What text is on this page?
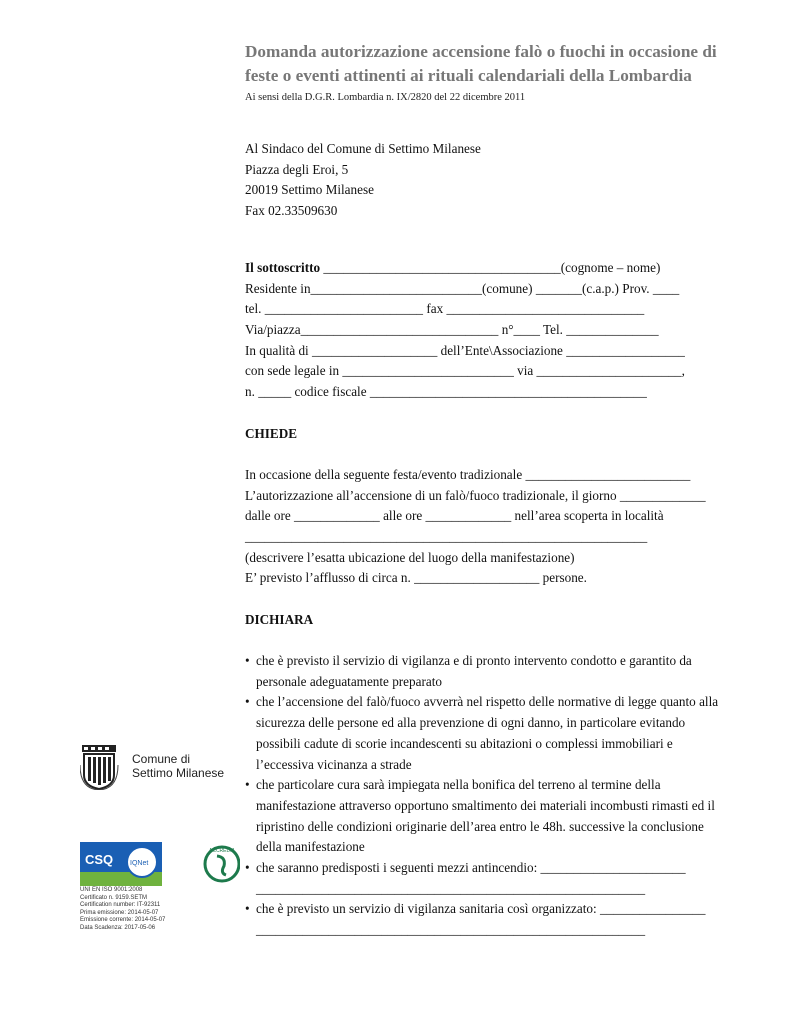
Domanda autorizzazione accensione falò o fuochi in occasione di
feste o eventi attinenti ai rituali calendariali della Lombardia
Ai sensi della D.G.R. Lombardia n. IX/2820 del 22 dicembre 2011
Al Sindaco del Comune di Settimo Milanese
Piazza degli Eroi, 5
20019 Settimo Milanese
Fax 02.33509630
Il sottoscritto ____________________________________(cognome – nome)
Residente in__________________________(comune) _______(c.a.p.) Prov. ____
tel. ________________________ fax ______________________________
Via/piazza______________________________ n°____ Tel. ______________
In qualità di ___________________ dell’Ente\Associazione __________________
con sede legale in __________________________ via ______________________,
n. _____ codice fiscale __________________________________________
CHIEDE
In occasione della seguente festa/evento tradizionale _________________________
L’autorizzazione all’accensione di un falò/fuoco tradizionale, il giorno _____________
dalle ore _____________ alle ore _____________ nell’area scoperta in località
_____________________________________________________________
(descrivere l’esatta ubicazione del luogo della manifestazione)
E’ previsto l’afflusso di circa n. ___________________ persone.
DICHIARA
• che è previsto il servizio di vigilanza e di pronto intervento condotto e garantito da
personale adeguatamente preparato
• che l’accensione del falò/fuoco avverrà nel rispetto delle normative di legge quanto alla
sicurezza delle persone ed alla prevenzione di ogni danno, in particolare evitando
possibili cadute di scorie incandescenti su abitazioni o complessi immobiliari e
l’eccessiva vicinanza a strade
• che particolare cura sarà impiegata nella bonifica del terreno al termine della
manifestazione attraverso opportuno smaltimento dei materiali incombusti rimasti ed il
ripristino delle condizioni originarie dell’area entro le 48h. successive la conclusione
della manifestazione
• che saranno predisposti i seguenti mezzi antincendio: ______________________
___________________________________________________________
• che è previsto un servizio di vigilanza sanitaria così organizzato: ________________
___________________________________________________________
Comune di
Settimo Milanese
CSQ IQNet
ACCREDIA
UNI EN ISO 9001:2008
Certificato n. 9159.SETM
Certification number: IT-92311
Prima emissione: 2014-05-07
Emissione corrente: 2014-05-07
Data Scadenza: 2017-05-06
